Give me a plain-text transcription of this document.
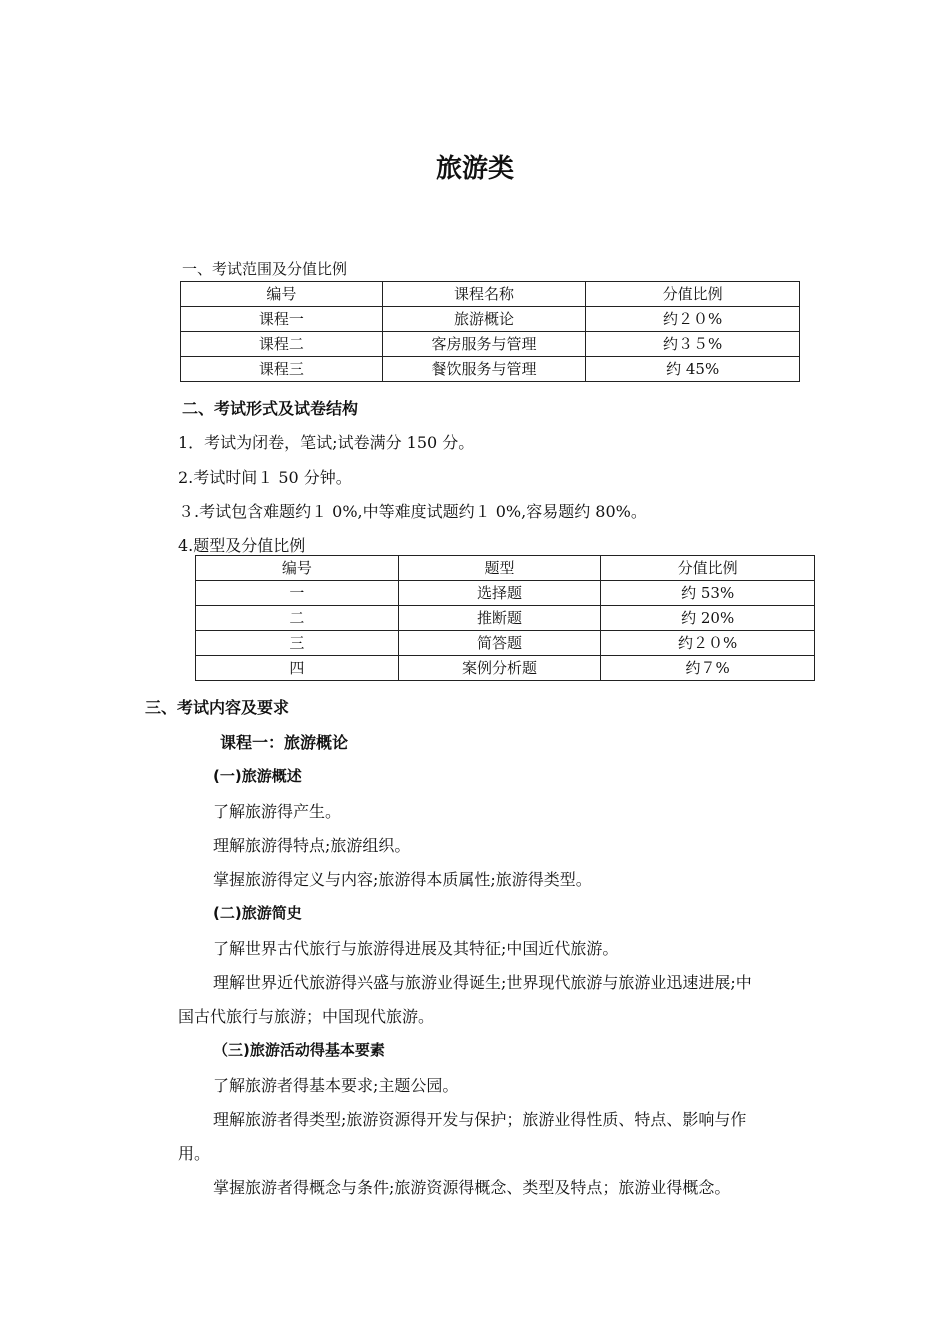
旅游类
一、考试范围及分值比例
编号	课程名称	分值比例
课程一	旅游概论	约２０%
课程二	客房服务与管理	约３５%
课程三	餐饮服务与管理	约 45%
二、考试形式及试卷结构
1．考试为闭卷，笔试;试卷满分 150 分。
2.考试时间１ 50 分钟。
３.考试包含难题约１ 0%,中等难度试题约１ 0%,容易题约 80%。
4.题型及分值比例
编号	题型	分值比例
一	选择题	约 53%
二	推断题	约 20%
三	简答题	约２０%
四	案例分析题	约７%
三、考试内容及要求
课程一：旅游概论
(一)旅游概述
了解旅游得产生。
理解旅游得特点;旅游组织。
掌握旅游得定义与内容;旅游得本质属性;旅游得类型。
(二)旅游简史
了解世界古代旅行与旅游得进展及其特征;中国近代旅游。
理解世界近代旅游得兴盛与旅游业得诞生;世界现代旅游与旅游业迅速进展;中
国古代旅行与旅游；中国现代旅游。
（三)旅游活动得基本要素
了解旅游者得基本要求;主题公园。
理解旅游者得类型;旅游资源得开发与保护；旅游业得性质、特点、影响与作
用。
掌握旅游者得概念与条件;旅游资源得概念、类型及特点；旅游业得概念。
